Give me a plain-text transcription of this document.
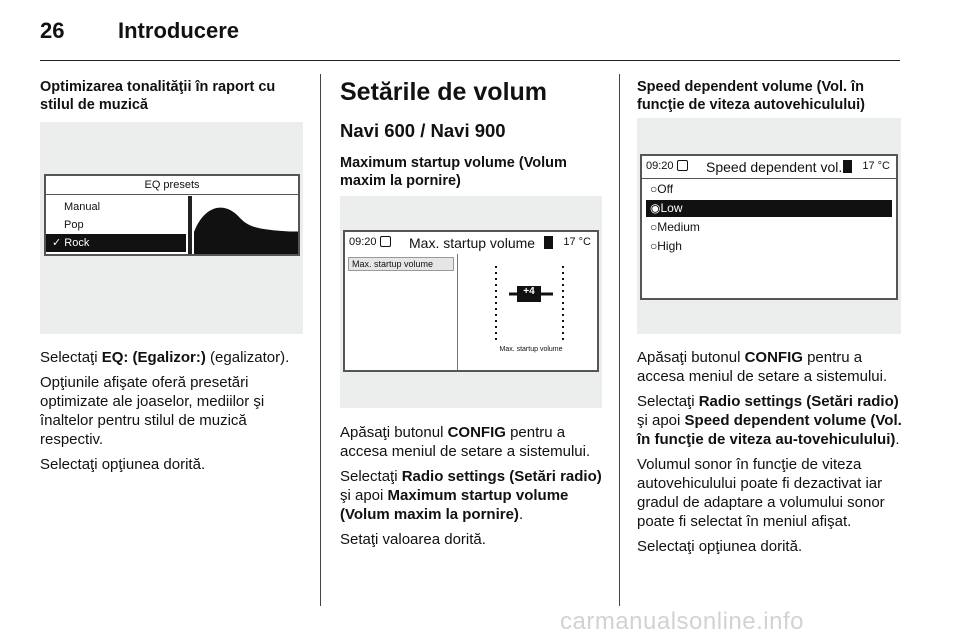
26 Introducere
Optimizarea tonalităţii în raport cu stilul de muzică
EQ presets
Manual
Pop
✓ Rock

Selectaţi EQ: (Egalizor:) (egalizator).

Opţiunile afişate oferă presetări optimizate ale joaselor, mediilor şi înaltelor pentru stilul de muzică respectiv.

Selectaţi opţiunea dorită.

Setările de volum
Navi 600 / Navi 900
Maximum startup volume (Volum maxim la pornire)
09:20 Max. startup volume	17 °C
Max. startup volume
+4
Max. startup volume

Apăsaţi butonul CONFIG pentru a accesa meniul de setare a sistemului.

Selectaţi Radio settings (Setări radio) şi apoi Maximum startup volume (Volum maxim la pornire).

Setaţi valoarea dorită.

Speed dependent volume (Vol. în funcţie de viteza autovehiculului)
09:20 Speed dependent vol. 17 °C
○Off
◉Low
○Medium
○High

Apăsaţi butonul CONFIG pentru a accesa meniul de setare a sistemului.

Selectaţi Radio settings (Setări radio) şi apoi Speed dependent volume (Vol. în funcţie de viteza au-tovehiculului).

Volumul sonor în funcţie de viteza autovehiculului poate fi dezactivat iar gradul de adaptare a volumului sonor poate fi selectat în meniul afişat.

Selectaţi opţiunea dorită.

carmanualsonline.info
